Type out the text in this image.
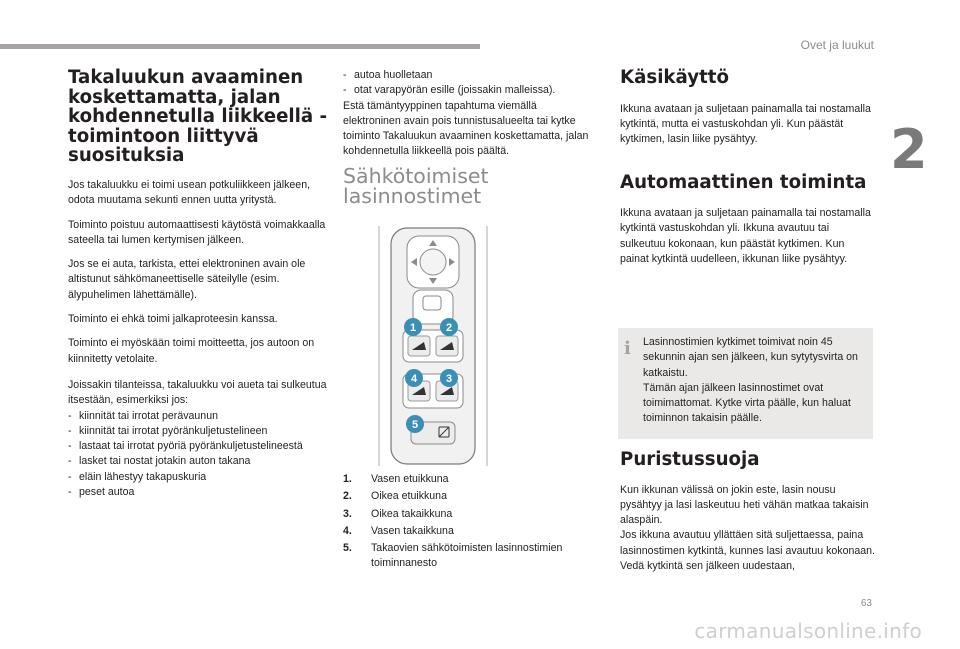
Ovet ja luukut
2
Takaluukun avaaminen koskettamatta, jalan kohdennetulla liikkeellä -toimintoon liittyvä suosituksia

Jos takaluukku ei toimi usean potkuliikkeen jälkeen, odota muutama sekunti ennen uutta yritystä.

Toiminto poistuu automaattisesti käytöstä voimakkaalla sateella tai lumen kertymisen jälkeen.

Jos se ei auta, tarkista, ettei elektroninen avain ole altistunut sähkömaneettiselle säteilylle (esim. älypuhelimen lähettämälle).

Toiminto ei ehkä toimi jalkaproteesin kanssa.

Toiminto ei myöskään toimi moitteetta, jos autoon on kiinnitetty vetolaite.

Joissakin tilanteissa, takaluukku voi aueta tai sulkeutua itsestään, esimerkiksi jos:
- kiinnität tai irrotat perävaunun
- kiinnität tai irrotat pyöränkuljetustelineen
- lastaat tai irrotat pyöriä pyöränkuljetustelineestä
- lasket tai nostat jotakin auton takana
- eläin lähestyy takapuskuria
- peset autoa
- autoa huolletaan
- otat varapyörän esille (joissakin malleissa).

Estä tämäntyyppinen tapahtuma viemällä elektroninen avain pois tunnistusalueelta tai kytke toiminto Takaluukun avaaminen koskettamatta, jalan kohdennetulla liikkeellä pois päältä.

Sähkötoimiset lasinnostimet
1	2
3
4
5
1.	Vasen etuikkuna
2.	Oikea etuikkuna
3.	Oikea takaikkuna
4.	Vasen takaikkuna
5.	Takaovien sähkötoimisten lasinnostimien toiminnanesto
Käsikäyttö

Ikkuna avataan ja suljetaan painamalla tai nostamalla kytkintä, mutta ei vastuskohdan yli. Kun päästät kytkimen, lasin liike pysähtyy.

Automaattinen toiminta

Ikkuna avataan ja suljetaan painamalla tai nostamalla kytkintä vastuskohdan yli. Ikkuna avautuu tai sulkeutuu kokonaan, kun päästät kytkimen. Kun painat kytkintä uudelleen, ikkunan liike pysähtyy.

i Lasinnostimien kytkimet toimivat noin 45 sekunnin ajan sen jälkeen, kun sytytysvirta on katkaistu.
Tämän ajan jälkeen lasinnostimet ovat toimimattomat. Kytke virta päälle, kun haluat toiminnon takaisin päälle.
Puristussuoja
Kun ikkunan välissä on jokin este, lasin nousu pysähtyy ja lasi laskeutuu heti vähän matkaa takaisin alaspäin.
Jos ikkuna avautuu yllättäen sitä suljettaessa, paina lasinnostimen kytkintä, kunnes lasi avautuu kokonaan. Vedä kytkintä sen jälkeen uudestaan,
63
carmanualsonline.info
